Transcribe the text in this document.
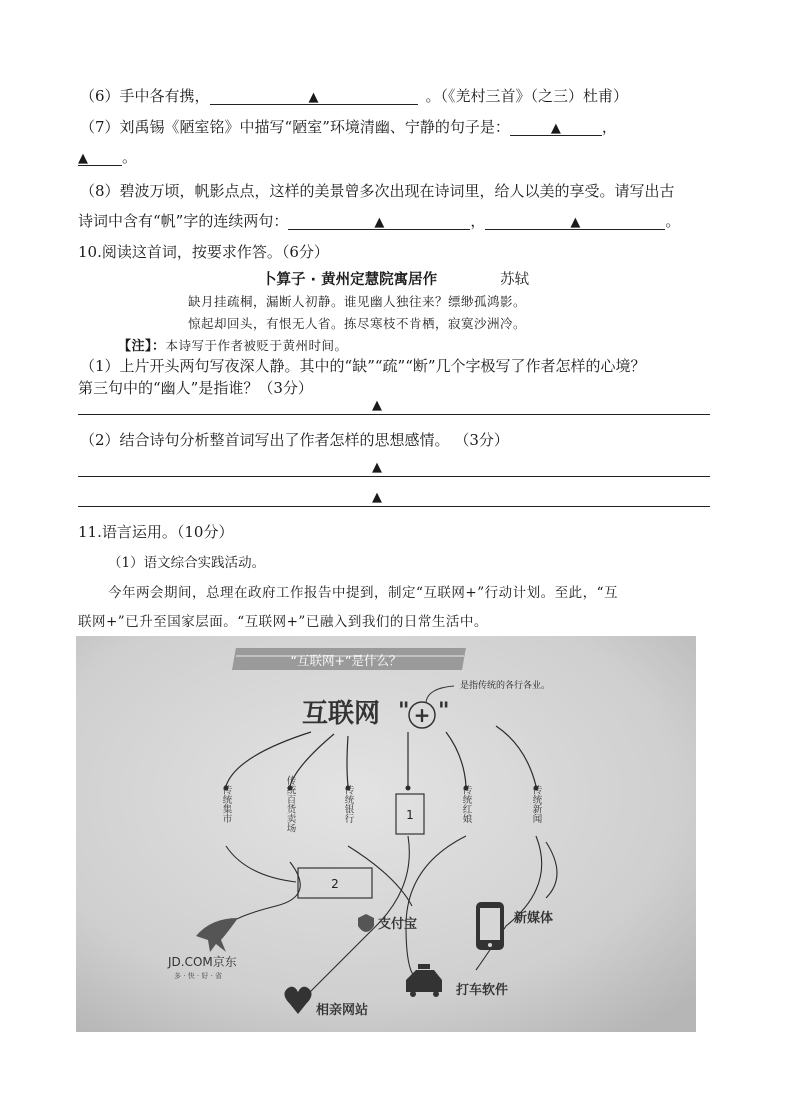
（6）手中各有携，	▲	。（《羌村三首》（之三）杜甫）
（7）刘禹锡《陋室铭》中描写“陋室”环境清幽、宁静的句子是：	▲	，
▲ 。
（8）碧波万顷，帆影点点，这样的美景曾多次出现在诗词里，给人以美的享受。请写出古
诗词中含有“帆”字的连续两句：	▲	，	▲	。
10.阅读这首词，按要求作答。（6分）
卜算子 · 黄州定慧院寓居作	苏轼
缺月挂疏桐，漏断人初静。谁见幽人独往来？缥缈孤鸿影。
惊起却回头，有恨无人省。拣尽寒枝不肯栖，寂寞沙洲冷。
【注】：本诗写于作者被贬于黄州时间。
（1）上片开头两句写夜深人静。其中的“缺”“疏”“断”几个字极写了作者怎样的心境？
第三句中的“幽人”是指谁？（3分）
▲
（2）结合诗句分析整首词写出了作者怎样的思想感情。 （3分）
▲
▲
11.语言运用。（10分）
（1）语文综合实践活动。
今年两会期间，总理在政府工作报告中提到，制定“互联网+”行动计划。至此，“互
联网+”已升至国家层面。“互联网+”已融入到我们的日常生活中。
“互联网+”是什么？
是指传统的各行各业。
互联网 " + "
传统集市	传统百货卖场	传统银行	传统红娘	传统新闻
1
2
JD.COM京东
多 · 快 · 好 · 省
支付宝	新媒体
打车软件
相亲网站
